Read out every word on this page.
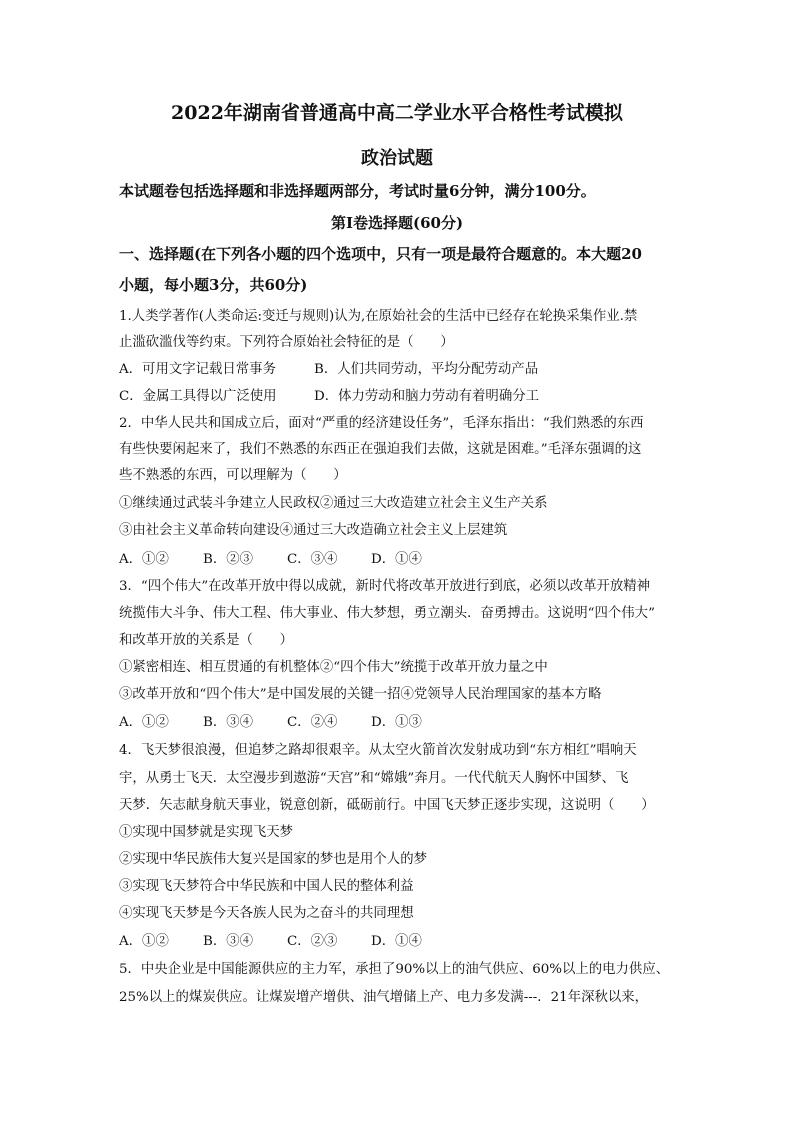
2022年湖南省普通高中高二学业水平合格性考试模拟
政治试题
本试题卷包括选择题和非选择题两部分，考试时量6分钟，满分100分。
第I卷选择题(60分)
一、选择题(在下列各小题的四个选项中，只有一项是最符合题意的。本大题20
小题，每小题3分，共60分)
1.人类学著作(人类命运:变迁与规则)认为,在原始社会的生活中已经存在轮换采集作业.禁
止滥砍滥伐等约束。下列符合原始社会特征的是（　　）
A．可用文字记载日常事务	B．人们共同劳动，平均分配劳动产品
C．金属工具得以广泛使用	D．体力劳动和脑力劳动有着明确分工
2．中华人民共和国成立后，面对“严重的经济建设任务”，毛泽东指出：“我们熟悉的东西
有些快要闲起来了，我们不熟悉的东西正在强迫我们去做，这就是困难。”毛泽东强调的这
些不熟悉的东西，可以理解为（　　）
①继续通过武装斗争建立人民政权②通过三大改造建立社会主义生产关系
③由社会主义革命转向建设④通过三大改造确立社会主义上层建筑
A．①②	B．②③	C．③④	D．①④
3．“四个伟大”在改革开放中得以成就，新时代将改革开放进行到底，必须以改革开放精神
统揽伟大斗争、伟大工程、伟大事业、伟大梦想，勇立潮头．奋勇搏击。这说明“四个伟大”
和改革开放的关系是（　　）
①紧密相连、相互贯通的有机整体②“四个伟大”统揽于改革开放力量之中
③改革开放和“四个伟大”是中国发展的关键一招④党领导人民治理国家的基本方略
A．①②	B．③④	C．②④	D．①③
4．飞天梦很浪漫，但追梦之路却很艰辛。从太空火箭首次发射成功到“东方相红”唱响天
宇，从勇士飞天．太空漫步到遨游“天宫”和“嫦娥”奔月。一代代航天人胸怀中国梦、飞
天梦．矢志献身航天事业，锐意创新，砥砺前行。中国飞天梦正逐步实现，这说明（　　）
①实现中国梦就是实现飞天梦
②实现中华民族伟大复兴是国家的梦也是用个人的梦
③实现飞天梦符合中华民族和中国人民的整体利益
④实现飞天梦是今天各族人民为之奋斗的共同理想
A．①②	B．③④	C．②③	D．①④
5．中央企业是中国能源供应的主力军，承担了90%以上的油气供应、60%以上的电力供应、
25%以上的煤炭供应。让煤炭增产增供、油气增储上产、电力多发满---．21年深秋以来，
